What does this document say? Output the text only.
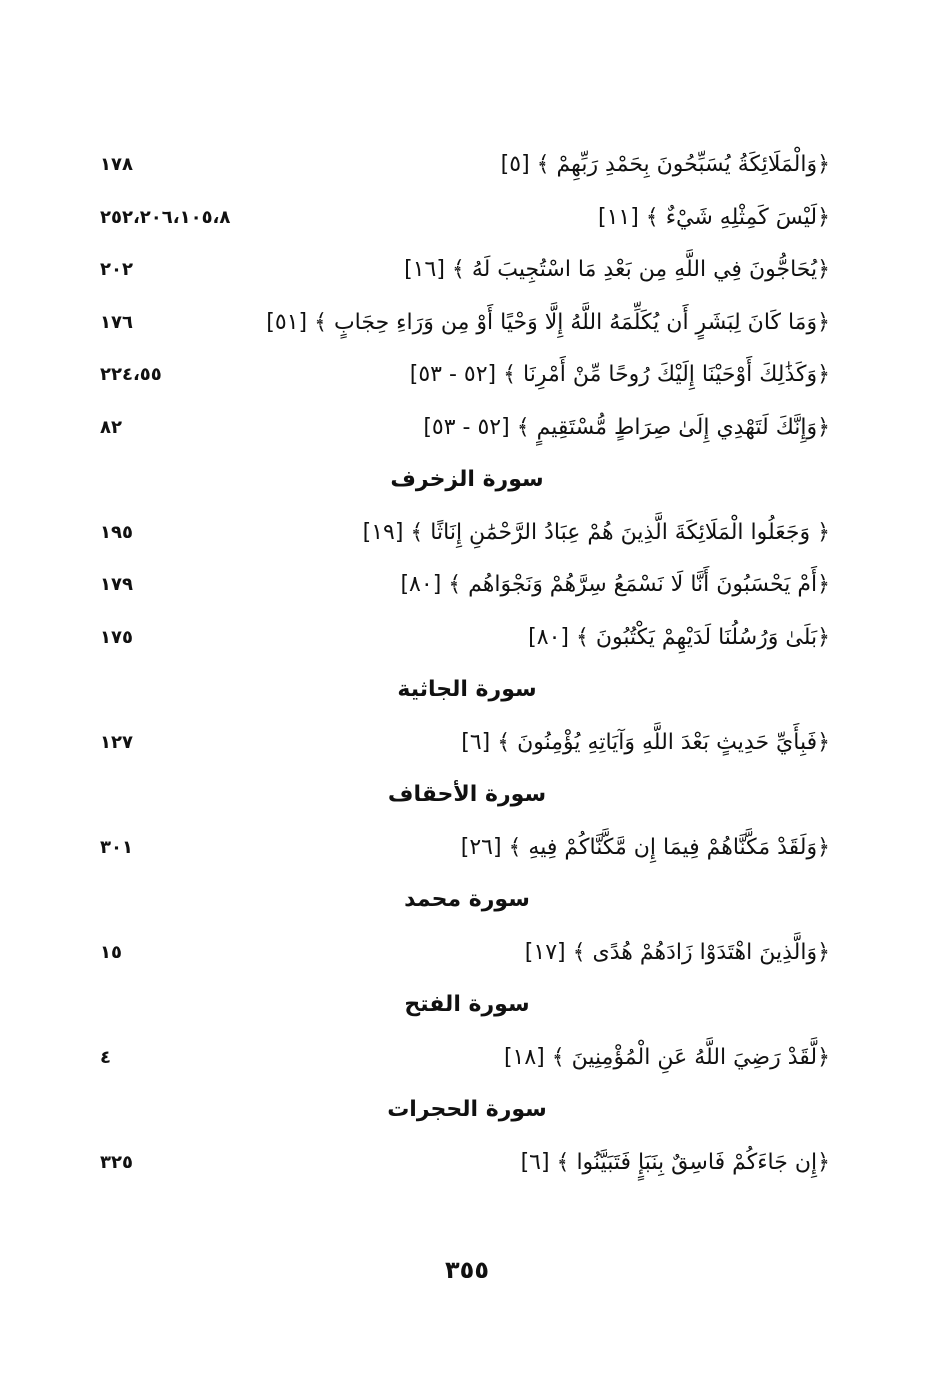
﴿وَالْمَلَائِكَةُ يُسَبِّحُونَ بِحَمْدِ رَبِّهِمْ ﴾ [٥]
١٧٨
﴿لَيْسَ كَمِثْلِهِ شَيْءٌ ﴾ [١١]
٢٥٢،٢٠٦،١٠٥،٨
﴿يُحَاجُّونَ فِي اللَّهِ مِن بَعْدِ مَا اسْتُجِيبَ لَهُ ﴾ [١٦]
٢٠٢
﴿وَمَا كَانَ لِبَشَرٍ أَن يُكَلِّمَهُ اللَّهُ إِلَّا وَحْيًا أَوْ مِن وَرَاءِ حِجَابٍ ﴾ [٥١]
١٧٦
﴿وَكَذَٰلِكَ أَوْحَيْنَا إِلَيْكَ رُوحًا مِّنْ أَمْرِنَا ﴾ [٥٢ - ٥٣]
٢٢٤،٥٥
﴿وَإِنَّكَ لَتَهْدِي إِلَىٰ صِرَاطٍ مُّسْتَقِيمٍ ﴾ [٥٢ - ٥٣]
٨٢
سورة الزخرف
﴿ وَجَعَلُوا الْمَلَائِكَةَ الَّذِينَ هُمْ عِبَادُ الرَّحْمَٰنِ إِنَاثًا ﴾ [١٩]
١٩٥
﴿أَمْ يَحْسَبُونَ أَنَّا لَا نَسْمَعُ سِرَّهُمْ وَنَجْوَاهُم ﴾ [٨٠]
١٧٩
﴿بَلَىٰ وَرُسُلُنَا لَدَيْهِمْ يَكْتُبُونَ ﴾ [٨٠]
١٧٥
سورة الجاثية
﴿فَبِأَيِّ حَدِيثٍ بَعْدَ اللَّهِ وَآيَاتِهِ يُؤْمِنُونَ ﴾ [٦]
١٢٧
سورة الأحقاف
﴿وَلَقَدْ مَكَّنَّاهُمْ فِيمَا إِن مَّكَّنَّاكُمْ فِيهِ ﴾ [٢٦]
٣٠١
سورة محمد
﴿وَالَّذِينَ اهْتَدَوْا زَادَهُمْ هُدًى ﴾ [١٧]
١٥
سورة الفتح
﴿لَّقَدْ رَضِيَ اللَّهُ عَنِ الْمُؤْمِنِينَ ﴾ [١٨]
٤
سورة الحجرات
﴿إِن جَاءَكُمْ فَاسِقٌ بِنَبَإٍ فَتَبَيَّنُوا ﴾ [٦]
٣٢٥
٣٥٥
